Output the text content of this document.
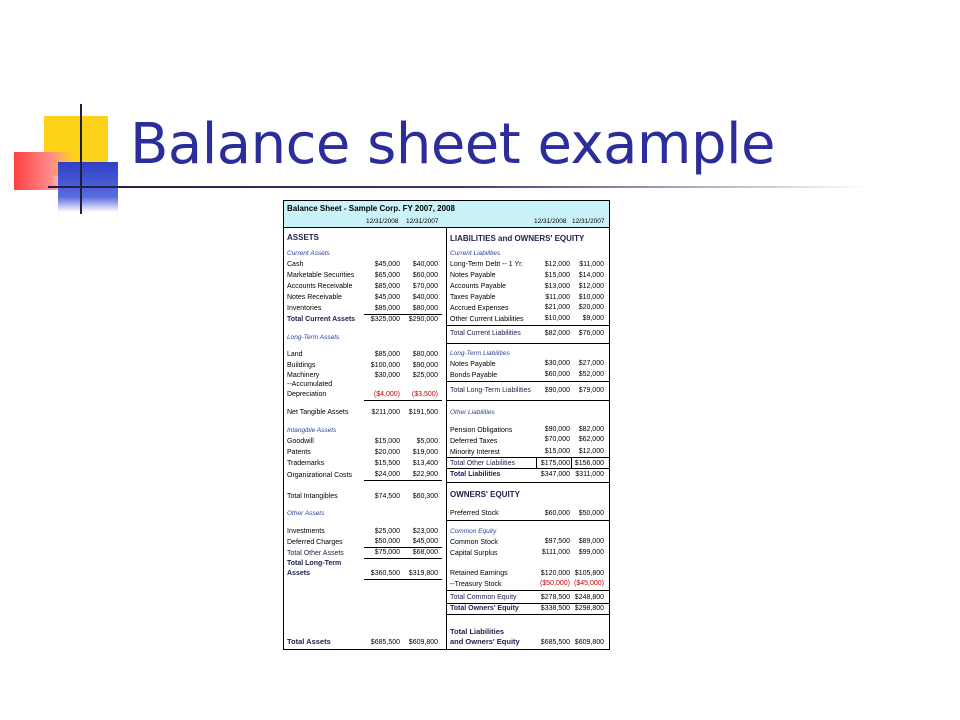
Balance sheet example
Balance Sheet - Sample Corp. FY 2007, 2008
12/31/2008 12/31/2007	12/31/2008 12/31/2007
ASSETS
Current Assets
Cash	$45,000	$40,000
Marketable Securities	$65,000	$60,000
Accounts Receivable	$85,000	$70,000
Notes Receivable	$45,000	$40,000
Inventories	$85,000	$80,000
Total Current Assets	$325,000	$290,000
Long-Term Assets
Land	$85,000	$80,000
Buildings	$100,000	$90,000
Machinery	$30,000	$25,000
--Accumulated
Depreciation	($4,000)	($3,500)
Net Tangible Assets	$211,000	$191,500
Intangible Assets
Goodwill	$15,000	$5,000
Patents	$20,000	$19,000
Trademarks	$15,500	$13,400
Organizational Costs	$24,000	$22,900
Total Intangibles	$74,500	$60,300
Other Assets
Investments	$25,000	$23,000
Deferred Charges	$50,000	$45,000
Total Other Assets	$75,000	$68,000
Total Long-Term
Assets	$360,500	$319,800
Total Assets	$685,500	$609,800
LIABILITIES and OWNERS' EQUITY
Current Liabilities
Long-Term Debt -- 1 Yr.	$12,000	$11,000
Notes Payable	$15,000	$14,000
Accounts Payable	$13,000	$12,000
Taxes Payable	$11,000	$10,000
Accrued Expenses	$21,000	$20,000
Other Current Liabilities	$10,000	$9,000
Total Current Liabilities	$82,000	$76,000
Long-Term Liabilities
Notes Payable	$30,000	$27,000
Bonds Payable	$60,000	$52,000
Total Long-Term Liabilities	$90,000	$79,000
Other Liabilities
Pension Obligations	$90,000	$82,000
Deferred Taxes	$70,000	$62,000
Minority Interest	$15,000	$12,000
Total Other Liabilities	$175,000 $156,000
Total Liabilities	$347,000 $311,000
OWNERS' EQUITY
Preferred Stock	$60,000	$50,000
Common Equity
Common Stock	$97,500	$89,000
Capital Surplus	$111,000	$99,000
Retained Earnings	$120,000 $105,800
--Treasury Stock	($50,000) ($45,000)
Total Common Equity	$278,500 $248,800
Total Owners' Equity	$338,500 $298,800
Total Liabilities
and Owners' Equity	$685,500 $609,800
